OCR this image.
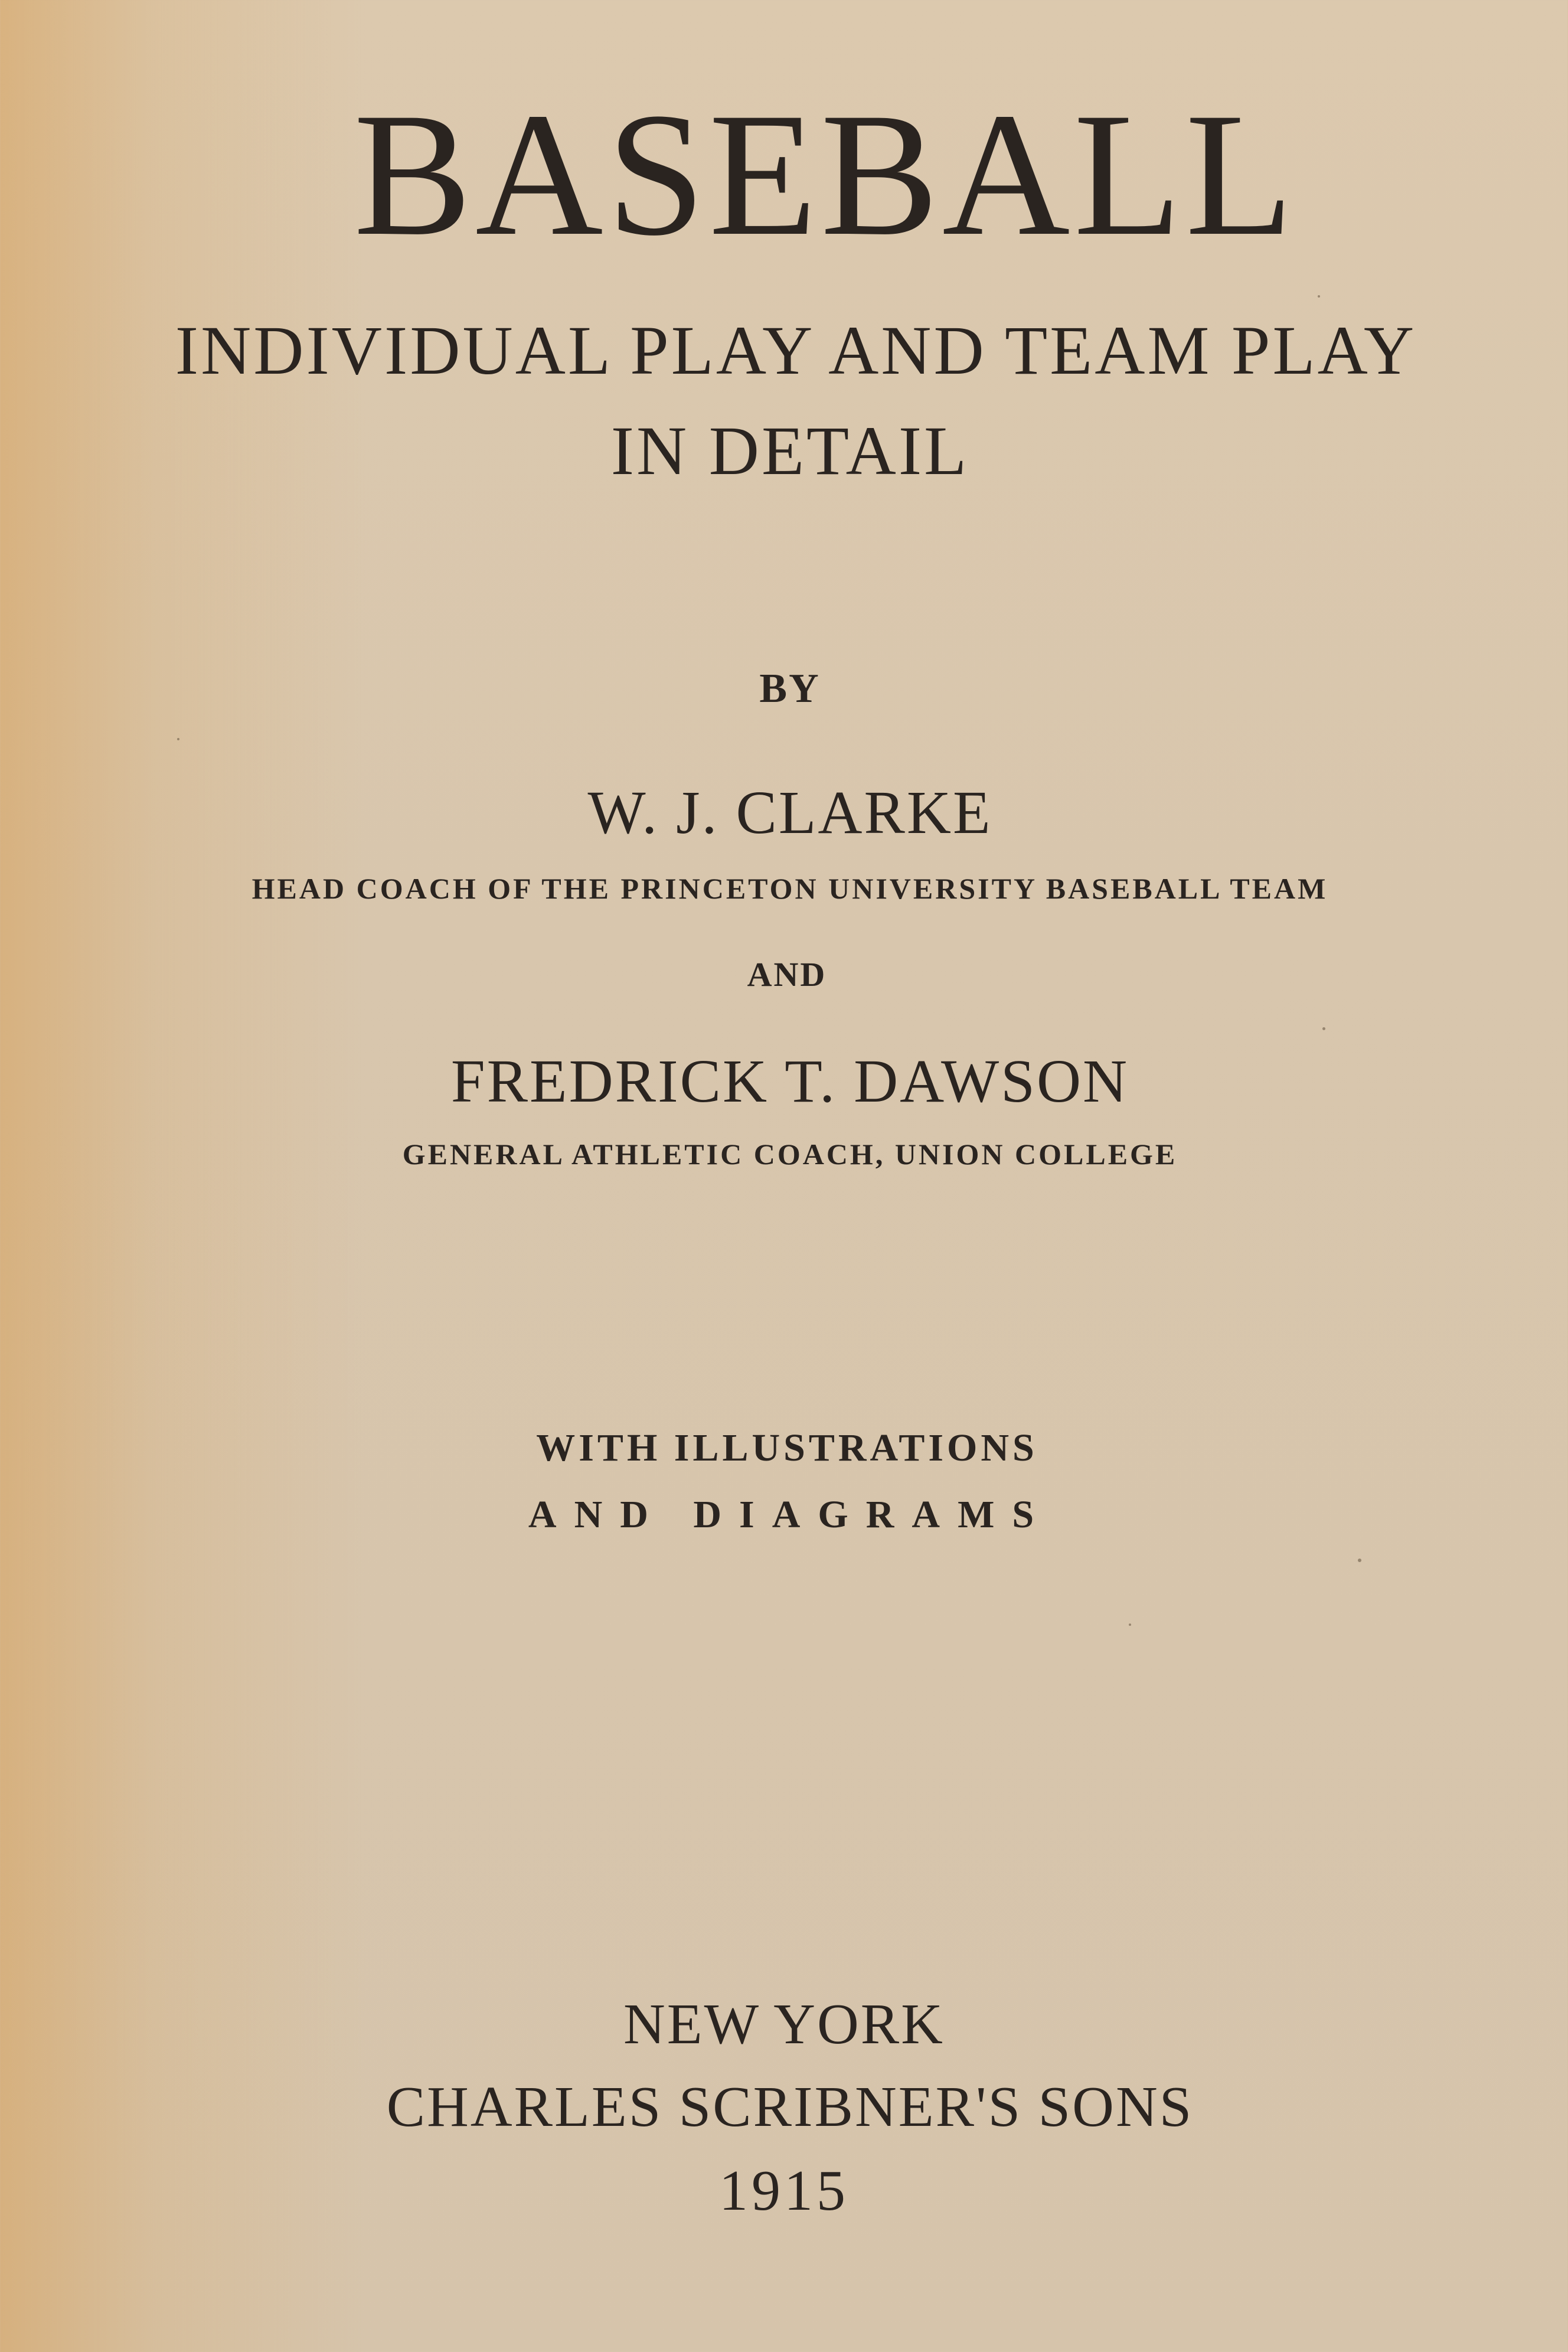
BASEBALL
INDIVIDUAL PLAY AND TEAM PLAY
IN DETAIL
BY
W. J. CLARKE
HEAD COACH OF THE PRINCETON UNIVERSITY BASEBALL TEAM
AND
FREDRICK T. DAWSON
GENERAL ATHLETIC COACH, UNION COLLEGE
WITH ILLUSTRATIONS
AND DIAGRAMS
NEW YORK
CHARLES SCRIBNER'S SONS
1915
